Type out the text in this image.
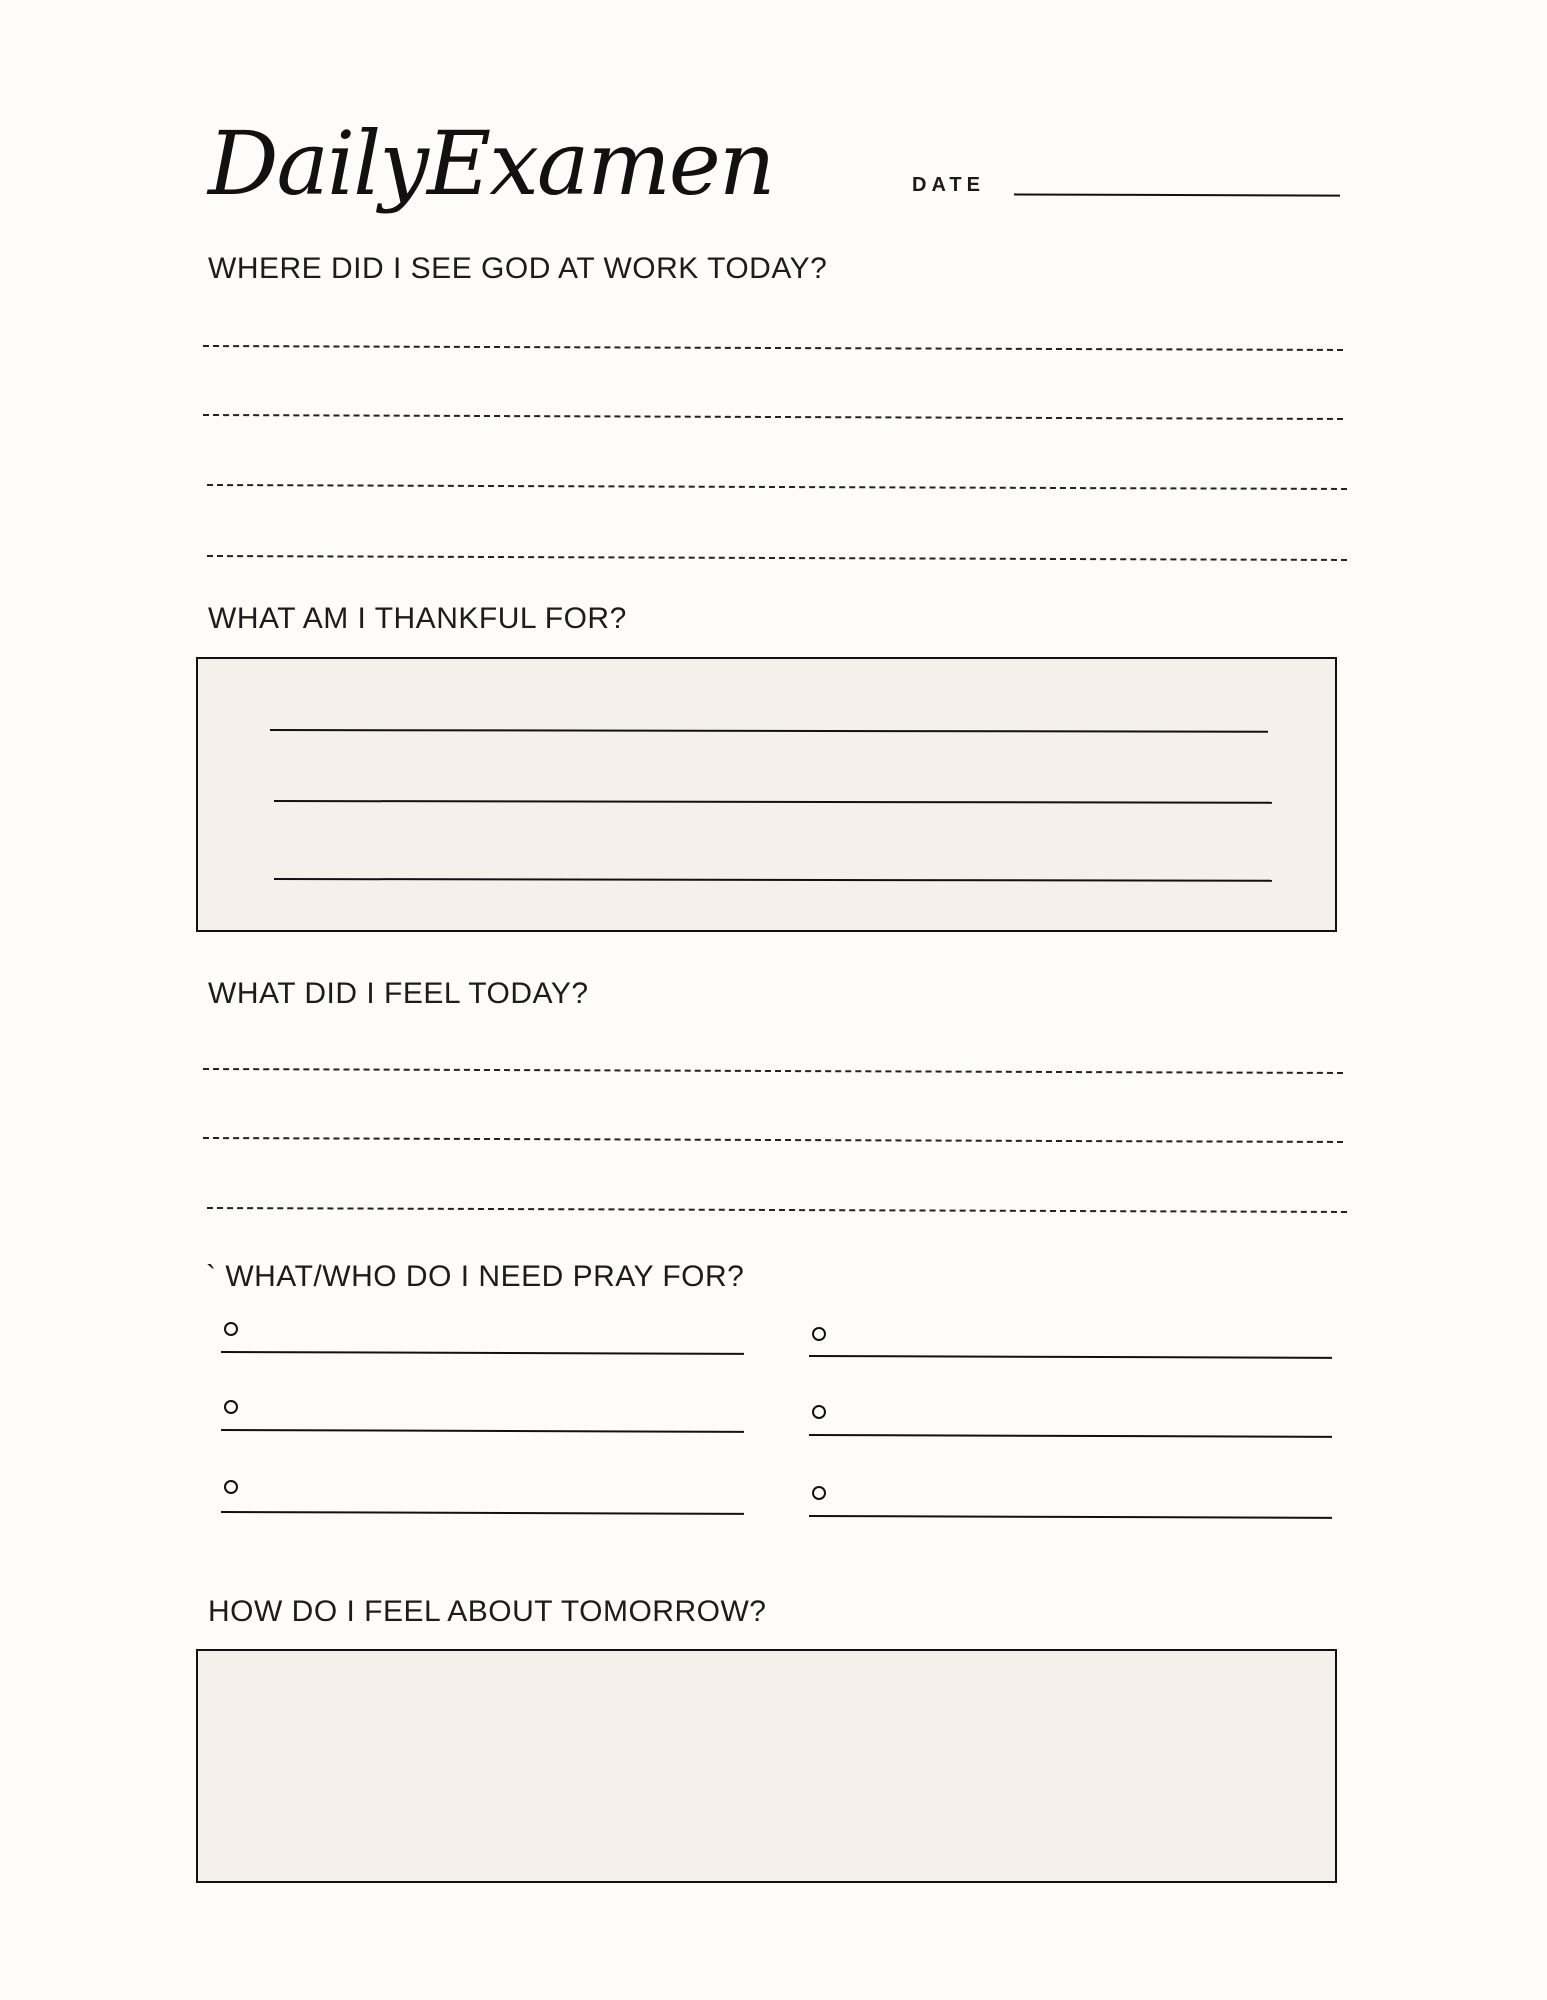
DailyExamen	DATE
WHERE DID I SEE GOD AT WORK TODAY?
WHAT AM I THANKFUL FOR?
WHAT DID I FEEL TODAY?
` WHAT/WHO DO I NEED PRAY FOR?
HOW DO I FEEL ABOUT TOMORROW?
